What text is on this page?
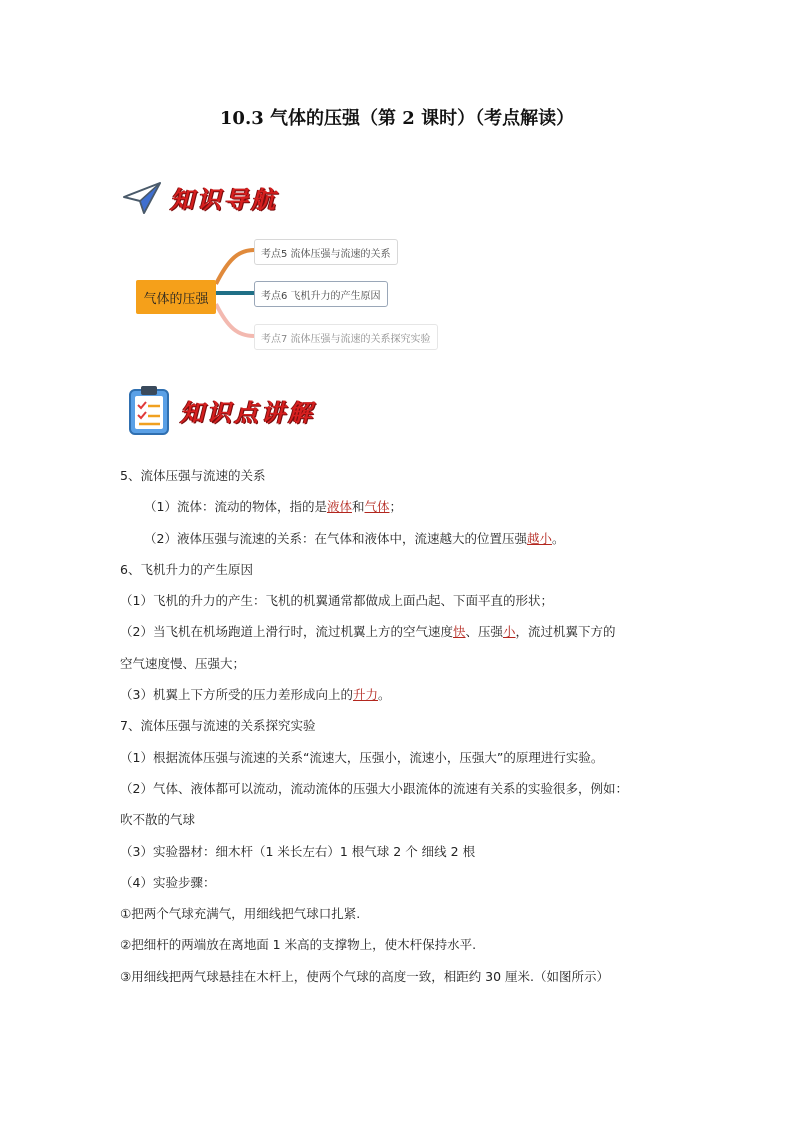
10.3 气体的压强（第 2 课时）（考点解读）
知识导航
气体的压强
考点5 流体压强与流速的关系
考点6 飞机升力的产生原因
考点7 流体压强与流速的关系探究实验
知识点讲解
5、流体压强与流速的关系
（1）流体：流动的物体，指的是液体和气体；
（2）液体压强与流速的关系：在气体和液体中，流速越大的位置压强越小。
6、飞机升力的产生原因
（1）飞机的升力的产生：飞机的机翼通常都做成上面凸起、下面平直的形状；
（2）当飞机在机场跑道上滑行时，流过机翼上方的空气速度快、压强小，流过机翼下方的
空气速度慢、压强大；
（3）机翼上下方所受的压力差形成向上的升力。
7、流体压强与流速的关系探究实验
（1）根据流体压强与流速的关系“流速大，压强小，流速小，压强大”的原理进行实验。
（2）气体、液体都可以流动，流动流体的压强大小跟流体的流速有关系的实验很多，例如：
吹不散的气球
（3）实验器材：细木杆（1 米长左右）1 根气球 2 个 细线 2 根
（4）实验步骤：
①把两个气球充满气，用细线把气球口扎紧.
②把细杆的两端放在离地面 1 米高的支撑物上，使木杆保持水平.
③用细线把两气球悬挂在木杆上，使两个气球的高度一致，相距约 30 厘米.（如图所示）
